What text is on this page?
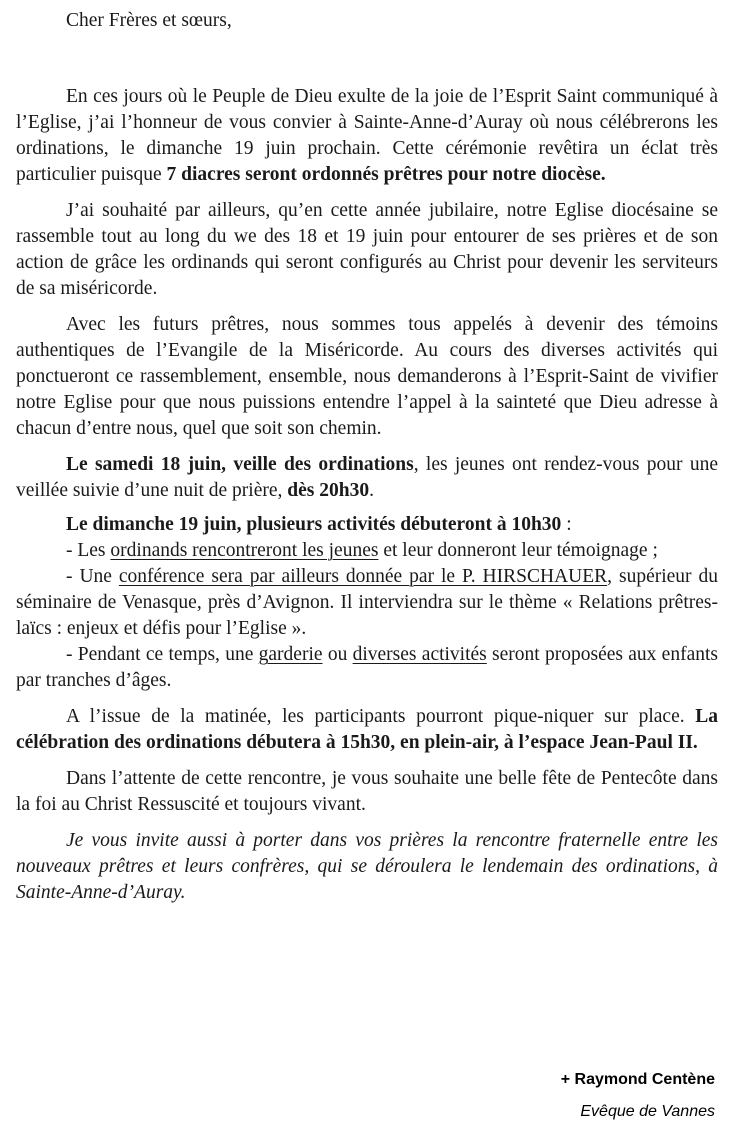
Cher Frères et sœurs,

En ces jours où le Peuple de Dieu exulte de la joie de l’Esprit Saint communiqué à l’Eglise, j’ai l’honneur de vous convier à Sainte-Anne-d’Auray où nous célébrerons les ordinations, le dimanche 19 juin prochain. Cette cérémonie revêtira un éclat très particulier puisque 7 diacres seront ordonnés prêtres pour notre diocèse.

J’ai souhaité par ailleurs, qu’en cette année jubilaire, notre Eglise diocésaine se rassemble tout au long du we des 18 et 19 juin pour entourer de ses prières et de son action de grâce les ordinands qui seront configurés au Christ pour devenir les serviteurs de sa miséricorde.

Avec les futurs prêtres, nous sommes tous appelés à devenir des témoins authentiques de l’Evangile de la Miséricorde. Au cours des diverses activités qui ponctueront ce rassemblement, ensemble, nous demanderons à l’Esprit-Saint de vivifier notre Eglise pour que nous puissions entendre l’appel à la sainteté que Dieu adresse à chacun d’entre nous, quel que soit son chemin.

Le samedi 18 juin, veille des ordinations, les jeunes ont rendez-vous pour une veillée suivie d’une nuit de prière, dès 20h30.

Le dimanche 19 juin, plusieurs activités débuteront à 10h30 :

- Les ordinands rencontreront les jeunes et leur donneront leur témoignage ;

- Une conférence sera par ailleurs donnée par le P. HIRSCHAUER, supérieur du séminaire de Venasque, près d’Avignon. Il interviendra sur le thème « Relations prêtres-laïcs : enjeux et défis pour l’Eglise ».

- Pendant ce temps, une garderie ou diverses activités seront proposées aux enfants par tranches d’âges.

A l’issue de la matinée, les participants pourront pique-niquer sur place. La célébration des ordinations débutera à 15h30, en plein-air, à l’espace Jean-Paul II.

Dans l’attente de cette rencontre, je vous souhaite une belle fête de Pentecôte dans la foi au Christ Ressuscité et toujours vivant.

Je vous invite aussi à porter dans vos prières la rencontre fraternelle entre les nouveaux prêtres et leurs confrères, qui se déroulera le lendemain des ordinations, à Sainte-Anne-d’Auray.

+ Raymond Centène
Evêque de Vannes
